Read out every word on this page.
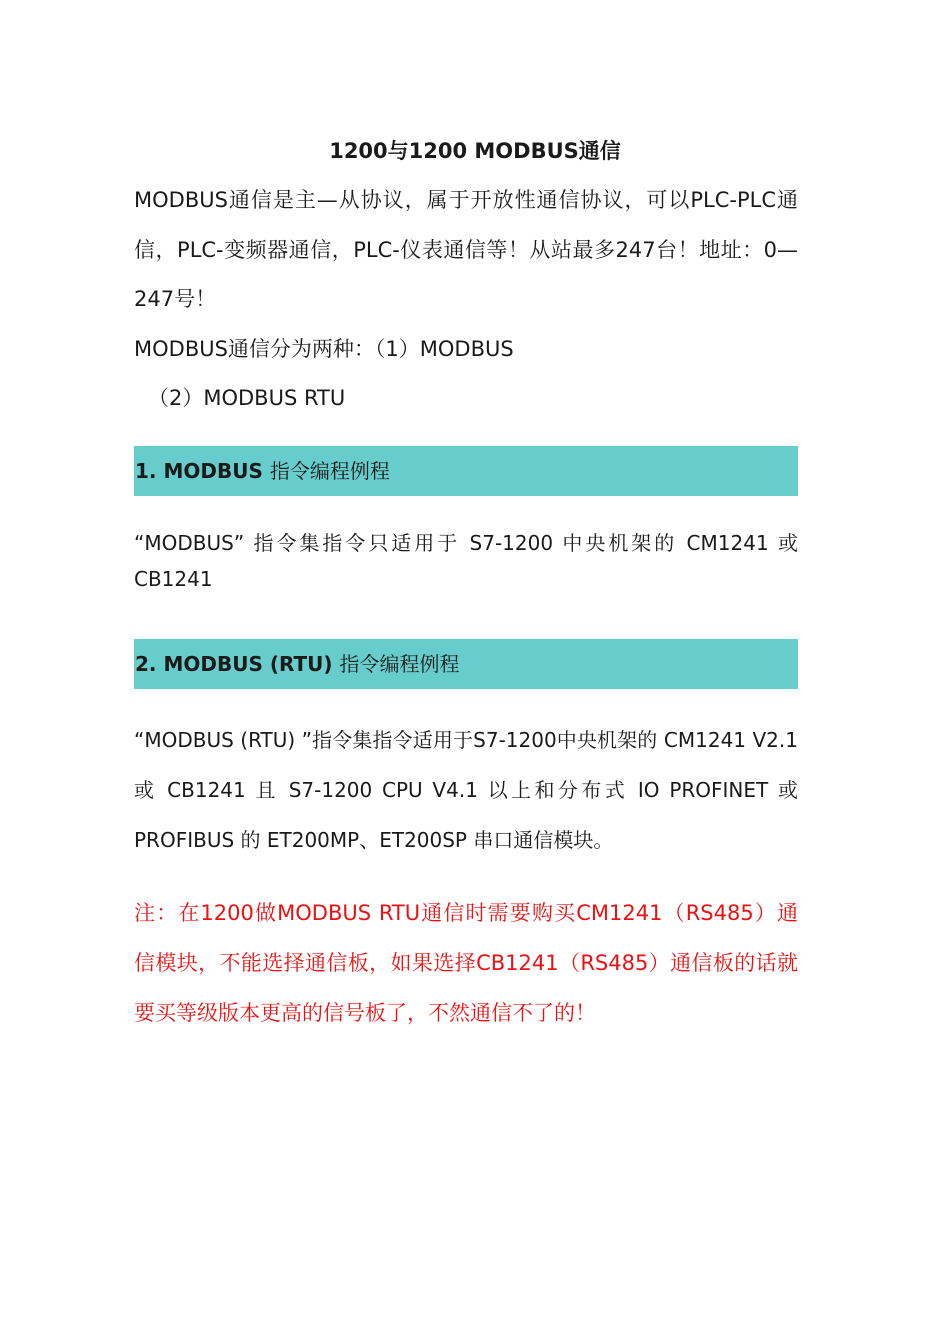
1200与1200 MODBUS通信

MODBUS通信是主—从协议，属于开放性通信协议，可以PLC-PLC通信，PLC-变频器通信，PLC-仪表通信等！从站最多247台！地址：0—247号！

MODBUS通信分为两种：（1）MODBUS

（2）MODBUS RTU

1. MODBUS 指令编程例程

“MODBUS” 指令集指令只适用于 S7-1200 中央机架的 CM1241 或 CB1241

2. MODBUS (RTU) 指令编程例程

“MODBUS (RTU) ”指令集指令适用于S7-1200中央机架的 CM1241 V2.1 或 CB1241 且 S7-1200 CPU V4.1 以上和分布式 IO PROFINET 或 PROFIBUS 的 ET200MP、ET200SP 串口通信模块。

注：在1200做MODBUS RTU通信时需要购买CM1241（RS485）通信模块，不能选择通信板，如果选择CB1241（RS485）通信板的话就要买等级版本更高的信号板了，不然通信不了的！
